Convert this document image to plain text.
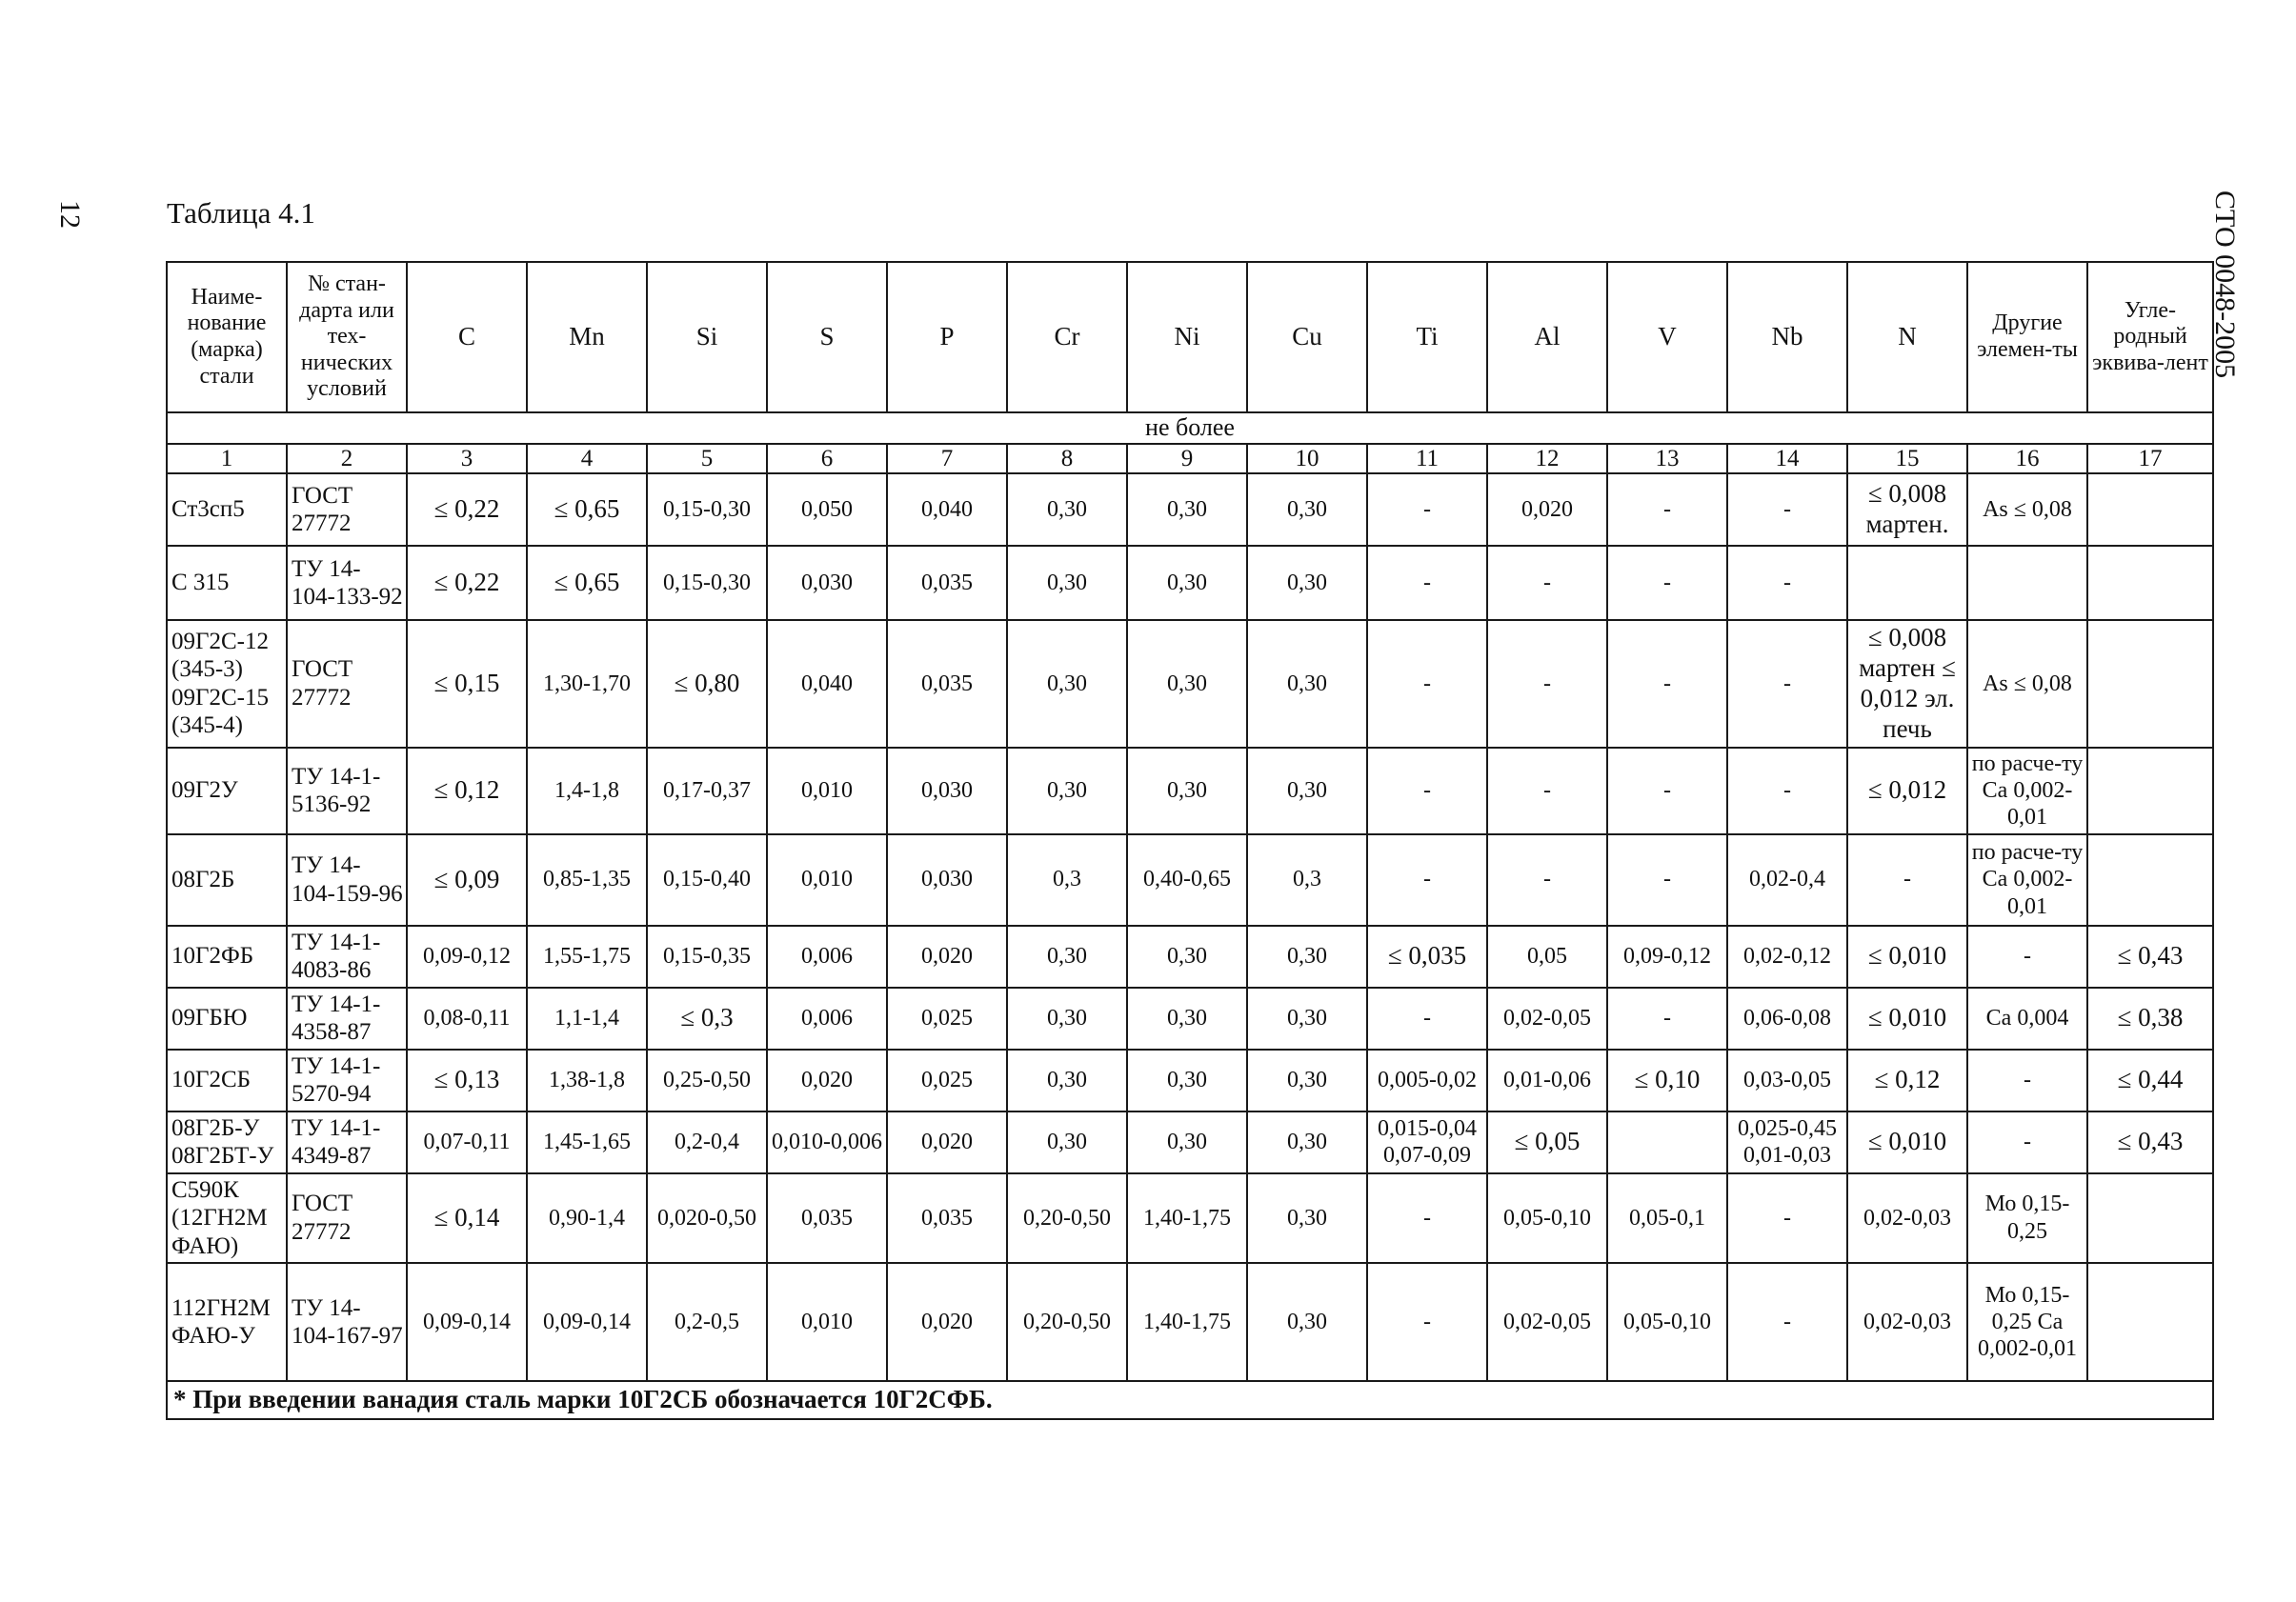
12	Таблица 4.1	СТО 0048-2005
Наиме-нование (марка) стали	№ стан-дарта или тех-нических условий	C	Mn	Si	S	P	Cr	Ni	Cu	Ti	Al	V	Nb	N	Другие элемен-ты	Угле-родный эквива-лент
не более																
1	2	3	4	5	6	7	8	9	10	11	12	13	14	15	16	17
Ст3сп5	ГОСТ 27772	≤ 0,22	≤ 0,65	0,15-0,30	0,050	0,040	0,30	0,30	0,30	-	0,020	-	-	≤ 0,008 мартен.	As ≤ 0,08	
С 315	ТУ 14-104-133-92	≤ 0,22	≤ 0,65	0,15-0,30	0,030	0,035	0,30	0,30	0,30	-	-	-	-			
09Г2С-12 (345-3) 09Г2С-15 (345-4)	ГОСТ 27772	≤ 0,15	1,30-1,70	≤ 0,80	0,040	0,035	0,30	0,30	0,30	-	-	-	-	≤ 0,008 мартен ≤ 0,012 эл. печь	As ≤ 0,08	
09Г2У	ТУ 14-1-5136-92	≤ 0,12	1,4-1,8	0,17-0,37	0,010	0,030	0,30	0,30	0,30	-	-	-	-	≤ 0,012	по расче-ту Са 0,002-0,01	
08Г2Б	ТУ 14-104-159-96	≤ 0,09	0,85-1,35	0,15-0,40	0,010	0,030	0,3	0,40-0,65	0,3	-	-	-	0,02-0,4	-	по расче-ту Са 0,002-0,01	
10Г2ФБ	ТУ 14-1-4083-86	0,09-0,12	1,55-1,75	0,15-0,35	0,006	0,020	0,30	0,30	0,30	≤ 0,035	0,05	0,09-0,12	0,02-0,12	≤ 0,010	-	≤ 0,43
09ГБЮ	ТУ 14-1-4358-87	0,08-0,11	1,1-1,4	≤ 0,3	0,006	0,025	0,30	0,30	0,30	-	0,02-0,05	-	0,06-0,08	≤ 0,010	Са 0,004	≤ 0,38
10Г2СБ	ТУ 14-1-5270-94	≤ 0,13	1,38-1,8	0,25-0,50	0,020	0,025	0,30	0,30	0,30	0,005-0,02	0,01-0,06	≤ 0,10	0,03-0,05	≤ 0,12	-	≤ 0,44
08Г2Б-У 08Г2БТ-У	ТУ 14-1-4349-87	0,07-0,11	1,45-1,65	0,2-0,4	0,010-0,006	0,020	0,30	0,30	0,30	0,015-0,04 0,07-0,09	≤ 0,05		0,025-0,45 0,01-0,03	≤ 0,010	-	≤ 0,43
С590К (12ГН2М ФАЮ)	ГОСТ 27772	≤ 0,14	0,90-1,4	0,020-0,50	0,035	0,035	0,20-0,50	1,40-1,75	0,30	-	0,05-0,10	0,05-0,1	-	0,02-0,03	Мо 0,15-0,25	
112ГН2М ФАЮ-У	ТУ 14-104-167-97	0,09-0,14	0,09-0,14	0,2-0,5	0,010	0,020	0,20-0,50	1,40-1,75	0,30	-	0,02-0,05	0,05-0,10	-	0,02-0,03	Мо 0,15-0,25 Са 0,002-0,01	
* При введении ванадия сталь марки 10Г2СБ обозначается 10Г2СФБ.																
